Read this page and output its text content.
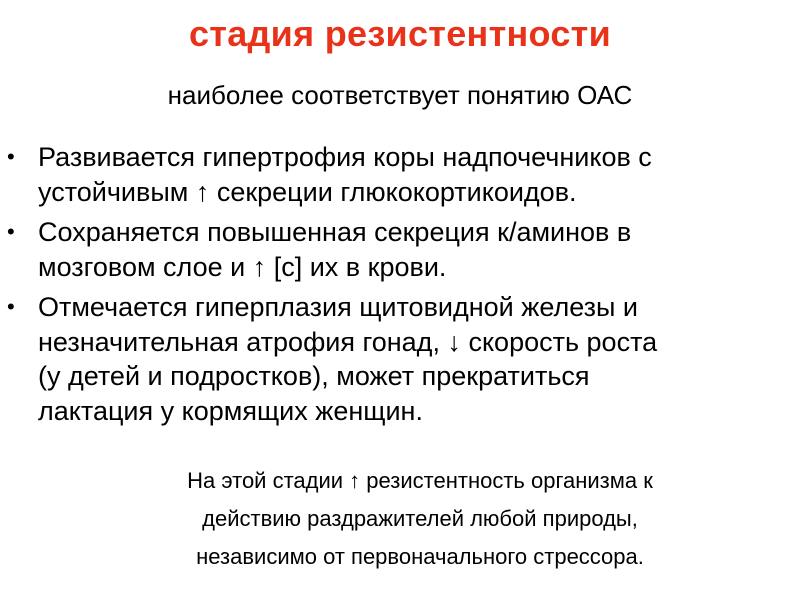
стадия резистентности
наиболее соответствует понятию ОАС
• Развивается гипертрофия коры надпочечников с
устойчивым ↑ секреции глюкокортикоидов.
• Сохраняется повышенная секреция к/аминов в
мозговом слое и ↑ [c] их в крови.
• Отмечается гиперплазия щитовидной железы и
незначительная атрофия гонад, ↓ скорость роста
(у детей и подростков), может прекратиться
лактация у кормящих женщин.
На этой стадии ↑ резистентность организма к
действию раздражителей любой природы,
независимо от первоначального стрессора.
